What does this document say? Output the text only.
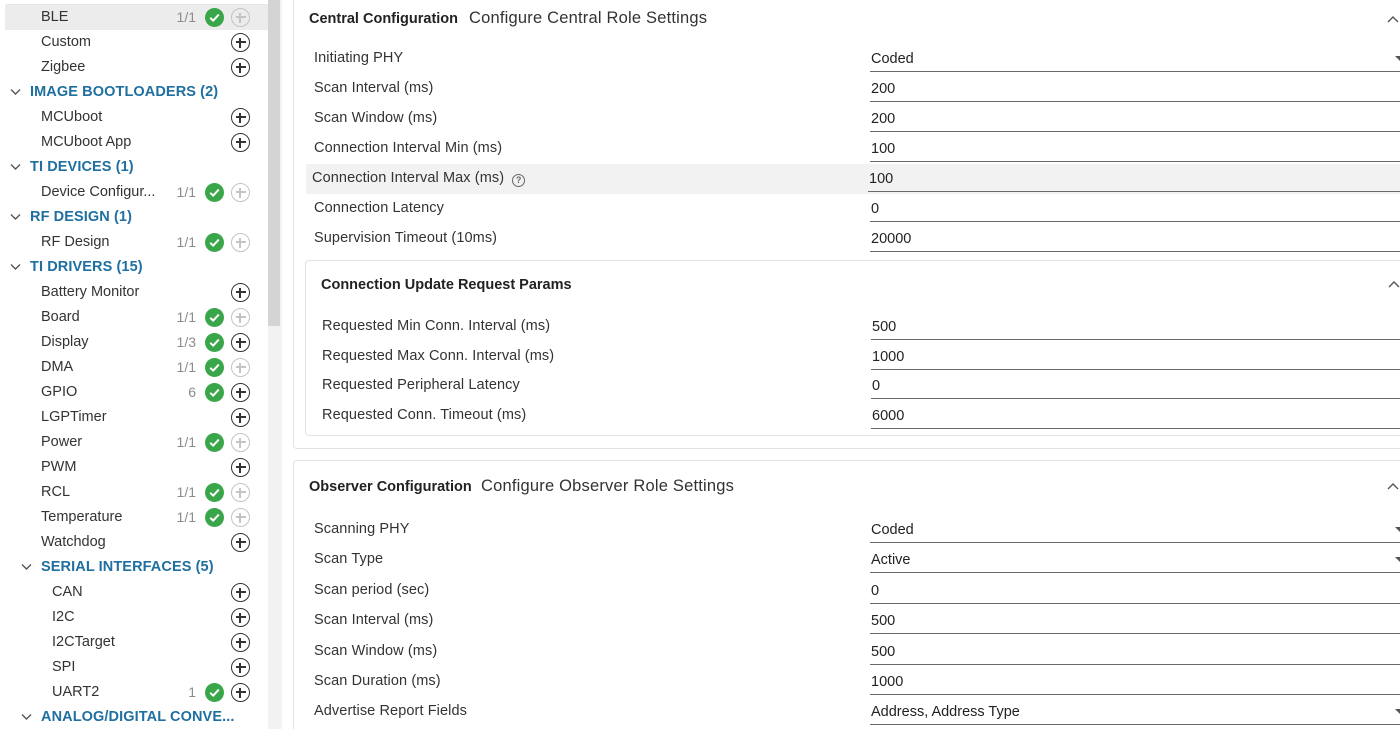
BLE	1/1
Custom
Zigbee
IMAGE BOOTLOADERS (2)
MCUboot
MCUboot App
TI DEVICES (1)
Device Configur...	1/1
RF DESIGN (1)
RF Design	1/1
TI DRIVERS (15)
Battery Monitor
Board	1/1
Display	1/3
DMA	1/1
GPIO	6
LGPTimer
Power	1/1
PWM
RCL	1/1
Temperature	1/1
Watchdog
SERIAL INTERFACES (5)
CAN
I2C
I2CTarget
SPI
UART2	1
ANALOG/DIGITAL CONVE...
Central Configuration Configure Central Role Settings
Initiating PHY	Coded
Scan Interval (ms)	200
Scan Window (ms)	200
Connection Interval Min (ms)	100
Connection Interval Max (ms) ?	100
Connection Latency	0
Supervision Timeout (10ms)	20000
Connection Update Request Params
Requested Min Conn. Interval (ms)	500
Requested Max Conn. Interval (ms)	1000
Requested Peripheral Latency	0
Requested Conn. Timeout (ms)	6000
Observer Configuration Configure Observer Role Settings
Scanning PHY	Coded
Scan Type	Active
Scan period (sec)	0
Scan Interval (ms)	500
Scan Window (ms)	500
Scan Duration (ms)	1000
Advertise Report Fields	Address, Address Type
